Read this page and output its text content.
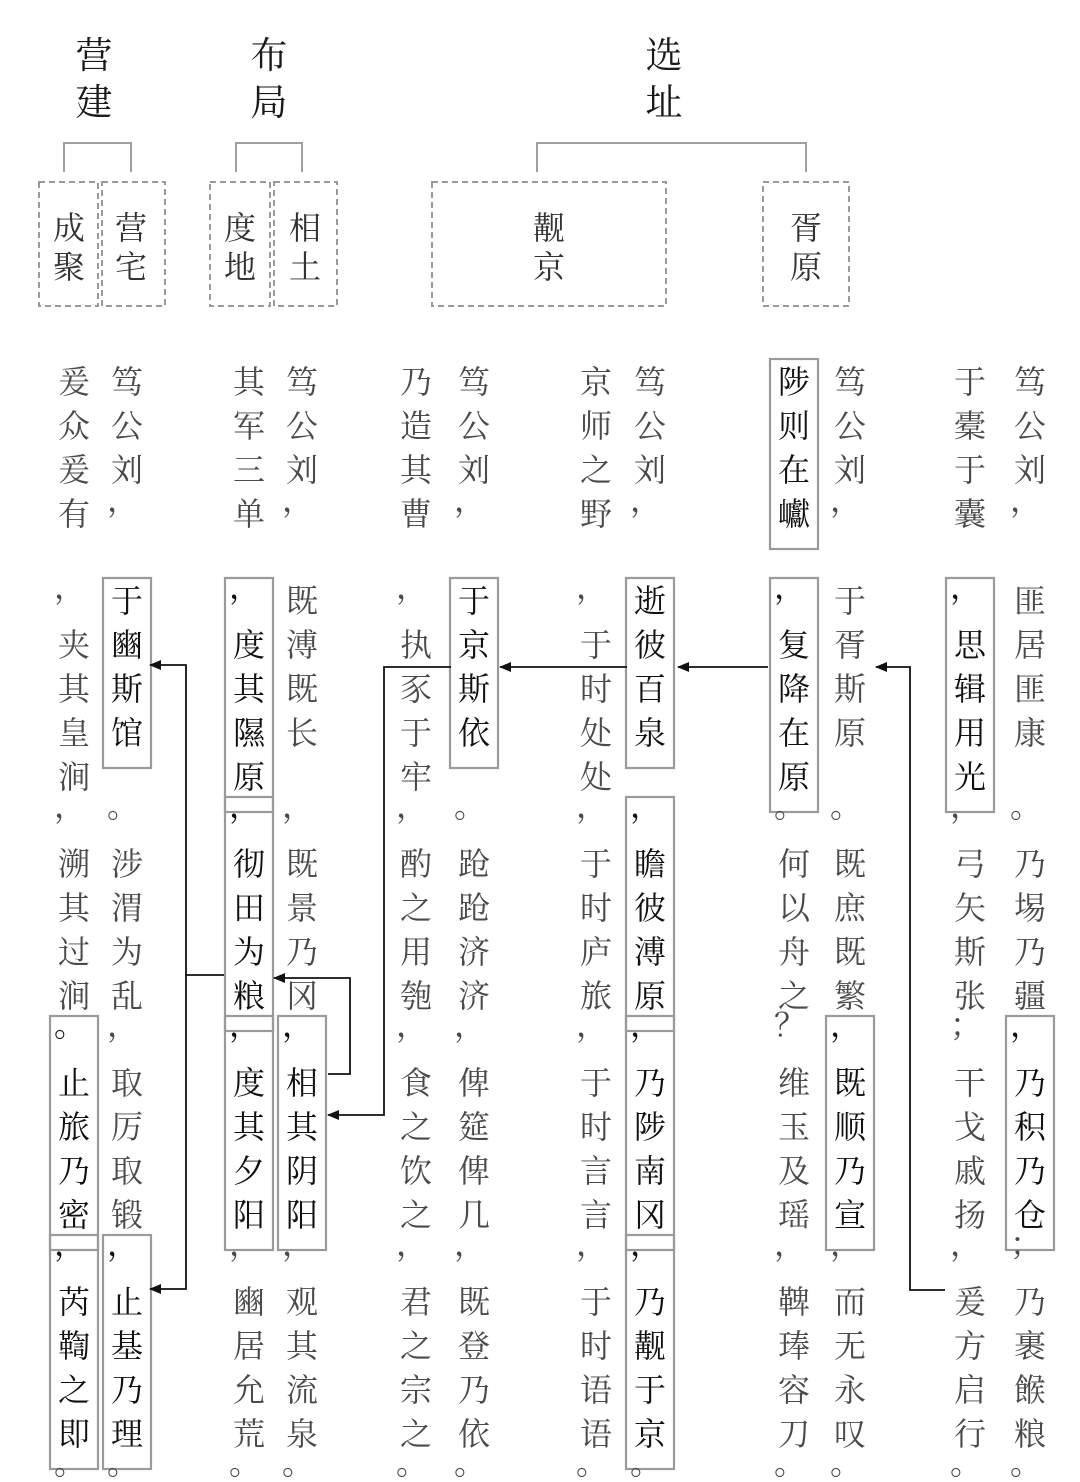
营
建
布
局
选
址
成
聚
营
宅
度
地
相
土
觏
京
胥
原
笃
公
刘
，
匪
居
匪
康
。
乃
埸
乃
疆
，
乃
积
乃
仓
；
乃
裹
餱
粮
。
于
橐
于
囊
，
思
辑
用
光
，
弓
矢
斯
张
；
干
戈
戚
扬
，
爰
方
启
行
。
笃
公
刘
，
于
胥
斯
原
。
既
庶
既
繁
，
既
顺
乃
宣
，
而
无
永
叹
。
陟
则
在
巘
，
复
降
在
原
。
何
以
舟
之
？
维
玉
及
瑶
，
鞞
琫
容
刀
。
笃
公
刘
，
逝
彼
百
泉
，
瞻
彼
溥
原
，
乃
陟
南
冈
，
乃
觏
于
京
。
京
师
之
野
，
于
时
处
处
，
于
时
庐
旅
，
于
时
言
言
，
于
时
语
语
。
笃
公
刘
，
于
京
斯
依
。
跄
跄
济
济
，
俾
筵
俾
几
，
既
登
乃
依
。
乃
造
其
曹
，
执
豕
于
牢
，
酌
之
用
匏
，
食
之
饮
之
，
君
之
宗
之
。
笃
公
刘
，
既
溥
既
长
，
既
景
乃
冈
，
相
其
阴
阳
，
观
其
流
泉
。
其
军
三
单
，
度
其
隰
原
，
彻
田
为
粮
，
度
其
夕
阳
，
豳
居
允
荒
。
笃
公
刘
，
于
豳
斯
馆
。
涉
渭
为
乱
，
取
厉
取
锻
，
止
基
乃
理
。
爰
众
爰
有
，
夹
其
皇
涧
，
溯
其
过
涧
。
止
旅
乃
密
，
芮
鞫
之
即
。
